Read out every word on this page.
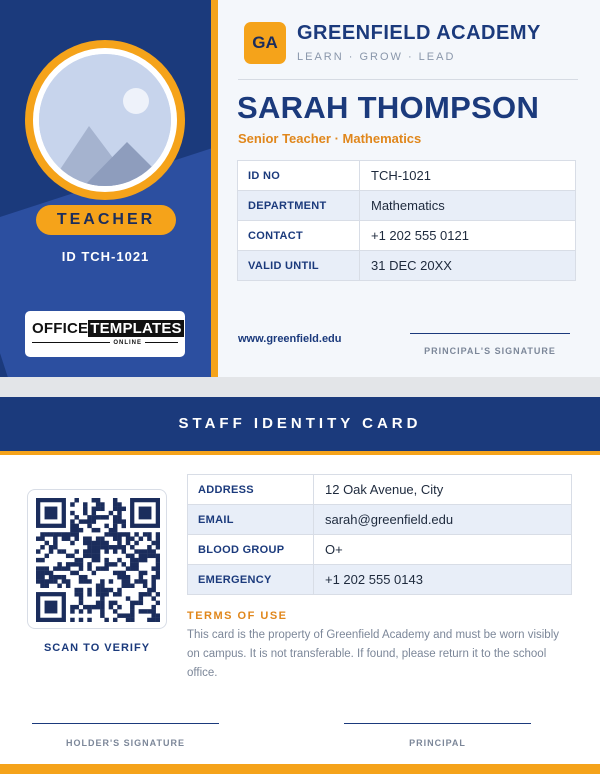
TEACHER
ID TCH-1021
OFFICE TEMPLATES
ONLINE
GA GREENFIELD ACADEMY
LEARN · GROW · LEAD
SARAH THOMPSON
Senior Teacher · Mathematics
ID NO	TCH-1021
DEPARTMENT	Mathematics
CONTACT	+1 202 555 0121
VALID UNTIL	31 DEC 20XX
www.greenfield.edu
PRINCIPAL'S SIGNATURE
STAFF IDENTITY CARD
SCAN TO VERIFY
ADDRESS	12 Oak Avenue, City
EMAIL	sarah@greenfield.edu
BLOOD GROUP	O+
EMERGENCY	+1 202 555 0143
TERMS OF USE
This card is the property of Greenfield Academy and must be worn visibly on campus. It is not transferable. If found, please return it to the school office.
HOLDER'S SIGNATURE	PRINCIPAL
